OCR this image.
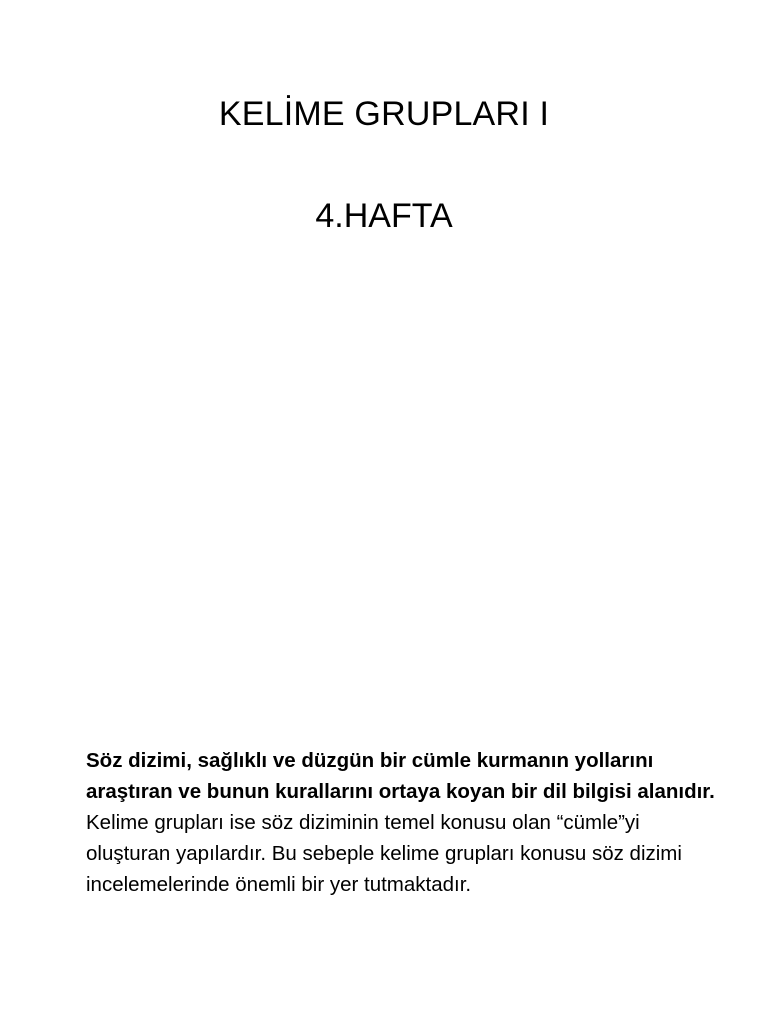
KELİME GRUPLARI I
4.HAFTA

Söz dizimi, sağlıklı ve düzgün bir cümle kurmanın yollarını araştıran ve bunun kurallarını ortaya koyan bir dil bilgisi alanıdır.

Kelime grupları ise söz diziminin temel konusu olan “cümle”yi oluşturan yapılardır. Bu sebeple kelime grupları konusu söz dizimi incelemelerinde önemli bir yer tutmaktadır.
